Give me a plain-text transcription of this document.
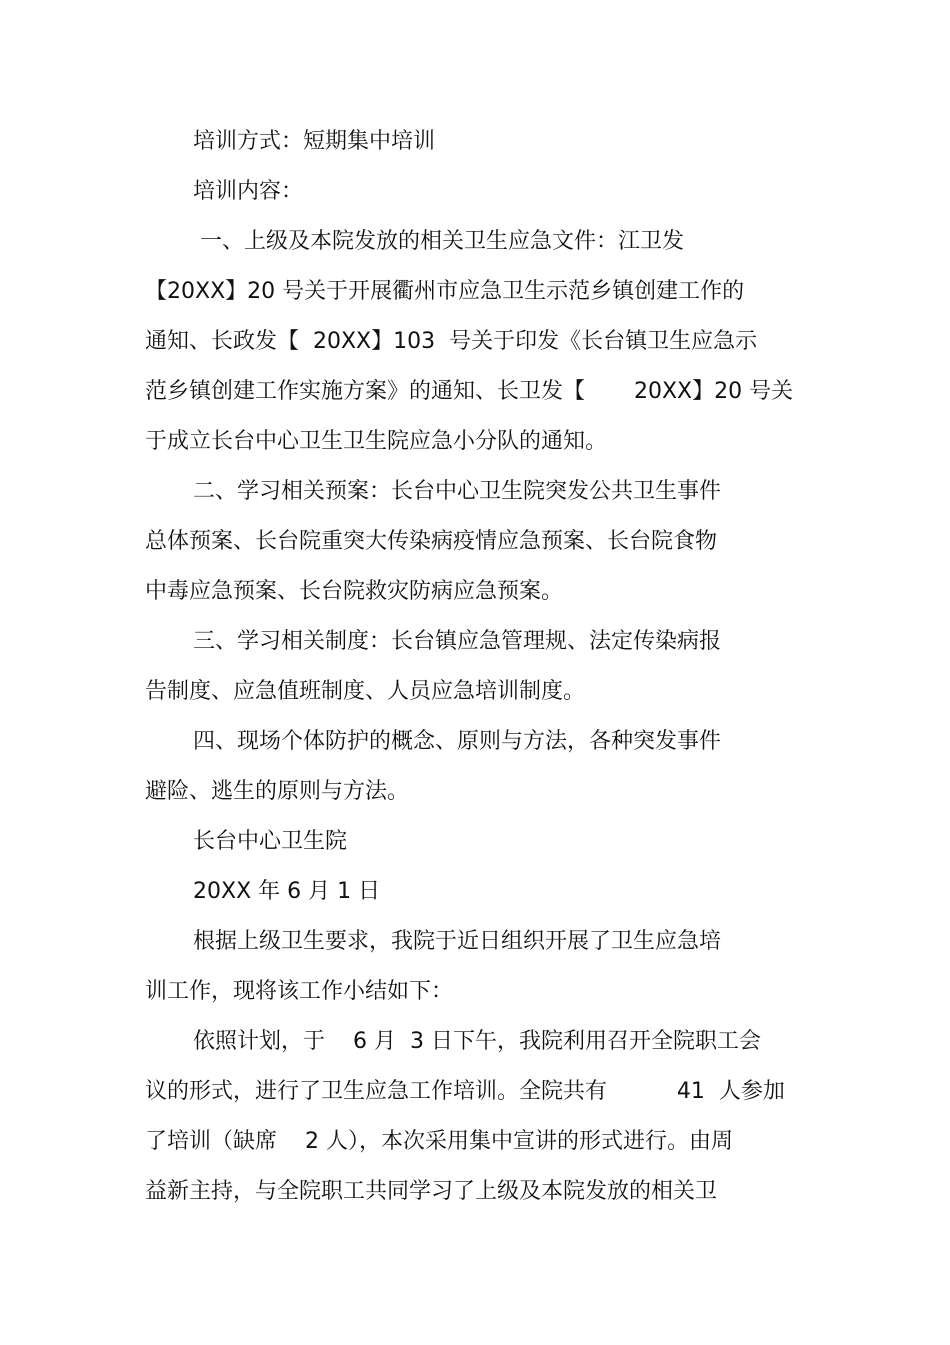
培训方式：短期集中培训

培训内容：

一、上级及本院发放的相关卫生应急文件：江卫发

【20XX】20 号关于开展衢州市应急卫生示范乡镇创建工作的

通知、长政发【  20XX】103  号关于印发《长台镇卫生应急示

范乡镇创建工作实施方案》的通知、长卫发【       20XX】20 号关

于成立长台中心卫生卫生院应急小分队的通知。

二、学习相关预案：长台中心卫生院突发公共卫生事件

总体预案、长台院重突大传染病疫情应急预案、长台院食物

中毒应急预案、长台院救灾防病应急预案。

三、学习相关制度：长台镇应急管理规、法定传染病报

告制度、应急值班制度、人员应急培训制度。

四、现场个体防护的概念、原则与方法，各种突发事件

避险、逃生的原则与方法。

长台中心卫生院

20XX 年 6 月 1 日

根据上级卫生要求，我院于近日组织开展了卫生应急培

训工作，现将该工作小结如下：

依照计划，于    6 月  3 日下午，我院利用召开全院职工会

议的形式，进行了卫生应急工作培训。全院共有          41  人参加

了培训（缺席    2 人），本次采用集中宣讲的形式进行。由周

益新主持，与全院职工共同学习了上级及本院发放的相关卫
